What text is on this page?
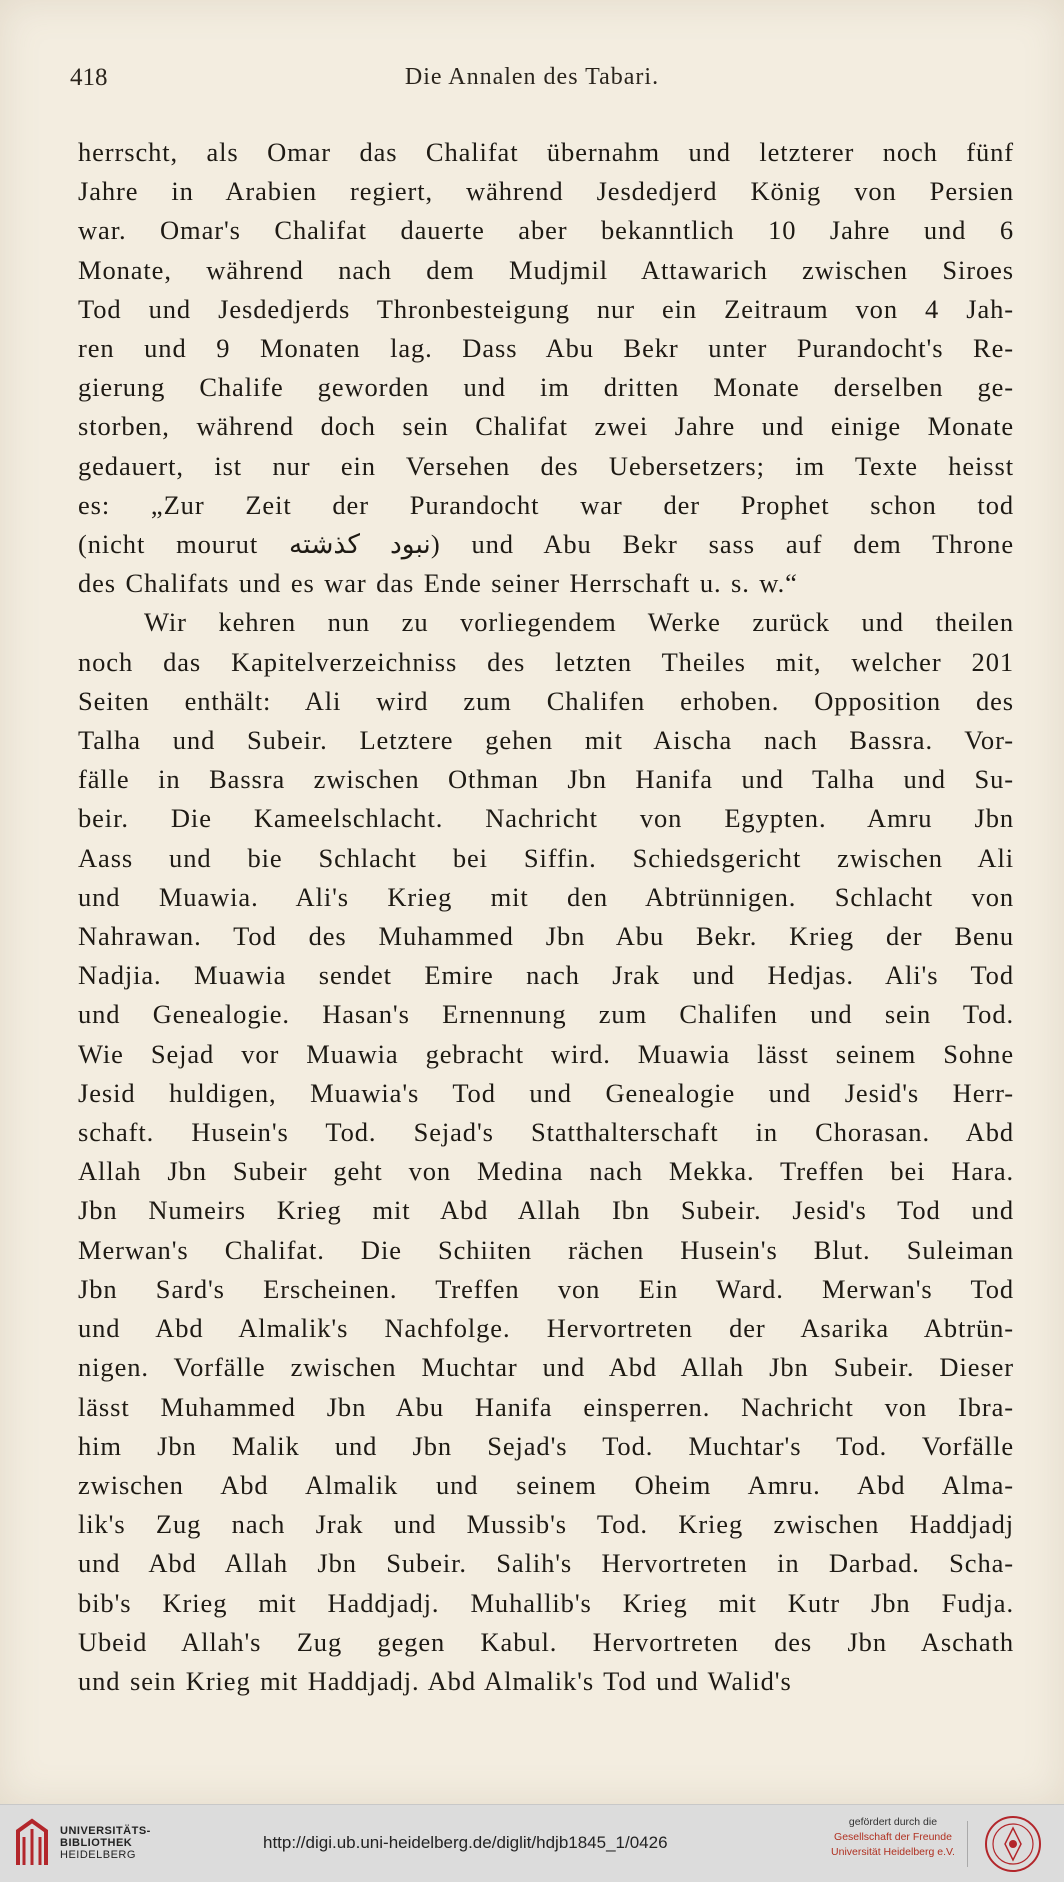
418	Die Annalen des Tabari.

herrscht, als Omar das Chalifat übernahm und letzterer noch fünf
Jahre in Arabien regiert, während Jesdedjerd König von Persien
war. Omar's Chalifat dauerte aber bekanntlich 10 Jahre und 6
Monate, während nach dem Mudjmil Attawarich zwischen Siroes
Tod und Jesdedjerds Thronbesteigung nur ein Zeitraum von 4 Jah-
ren und 9 Monaten lag. Dass Abu Bekr unter Purandocht's Re-
gierung Chalife geworden und im dritten Monate derselben ge-
storben, während doch sein Chalifat zwei Jahre und einige Monate
gedauert, ist nur ein Versehen des Uebersetzers; im Texte heisst
es: „Zur Zeit der Purandocht war der Prophet schon tod
(nicht mourut نبود کذشته) und Abu Bekr sass auf dem Throne
des Chalifats und es war das Ende seiner Herrschaft u. s. w.“

Wir kehren nun zu vorliegendem Werke zurück und theilen
noch das Kapitelverzeichniss des letzten Theiles mit, welcher 201
Seiten enthält: Ali wird zum Chalifen erhoben. Opposition des
Talha und Subeir. Letztere gehen mit Aischa nach Bassra. Vor-
fälle in Bassra zwischen Othman Jbn Hanifa und Talha und Su-
beir. Die Kameelschlacht. Nachricht von Egypten. Amru Jbn
Aass und bie Schlacht bei Siffin. Schiedsgericht zwischen Ali
und Muawia. Ali's Krieg mit den Abtrünnigen. Schlacht von
Nahrawan. Tod des Muhammed Jbn Abu Bekr. Krieg der Benu
Nadjia. Muawia sendet Emire nach Jrak und Hedjas. Ali's Tod
und Genealogie. Hasan's Ernennung zum Chalifen und sein Tod.
Wie Sejad vor Muawia gebracht wird. Muawia lässt seinem Sohne
Jesid huldigen, Muawia's Tod und Genealogie und Jesid's Herr-
schaft. Husein's Tod. Sejad's Statthalterschaft in Chorasan. Abd
Allah Jbn Subeir geht von Medina nach Mekka. Treffen bei Hara.
Jbn Numeirs Krieg mit Abd Allah Ibn Subeir. Jesid's Tod und
Merwan's Chalifat. Die Schiiten rächen Husein's Blut. Suleiman
Jbn Sard's Erscheinen. Treffen von Ein Ward. Merwan's Tod
und Abd Almalik's Nachfolge. Hervortreten der Asarika Abtrün-
nigen. Vorfälle zwischen Muchtar und Abd Allah Jbn Subeir. Dieser
lässt Muhammed Jbn Abu Hanifa einsperren. Nachricht von Ibra-
him Jbn Malik und Jbn Sejad's Tod. Muchtar's Tod. Vorfälle
zwischen Abd Almalik und seinem Oheim Amru. Abd Alma-
lik's Zug nach Jrak und Mussib's Tod. Krieg zwischen Haddjadj
und Abd Allah Jbn Subeir. Salih's Hervortreten in Darbad. Scha-
bib's Krieg mit Haddjadj. Muhallib's Krieg mit Kutr Jbn Fudja.
Ubeid Allah's Zug gegen Kabul. Hervortreten des Jbn Aschath
und sein Krieg mit Haddjadj. Abd Almalik's Tod und Walid's

UNIVERSITÄTS-
BIBLIOTHEK
HEIDELBERG
http://digi.ub.uni-heidelberg.de/diglit/hdjb1845_1/0426
gefördert durch die
Gesellschaft der Freunde
Universität Heidelberg e.V.
